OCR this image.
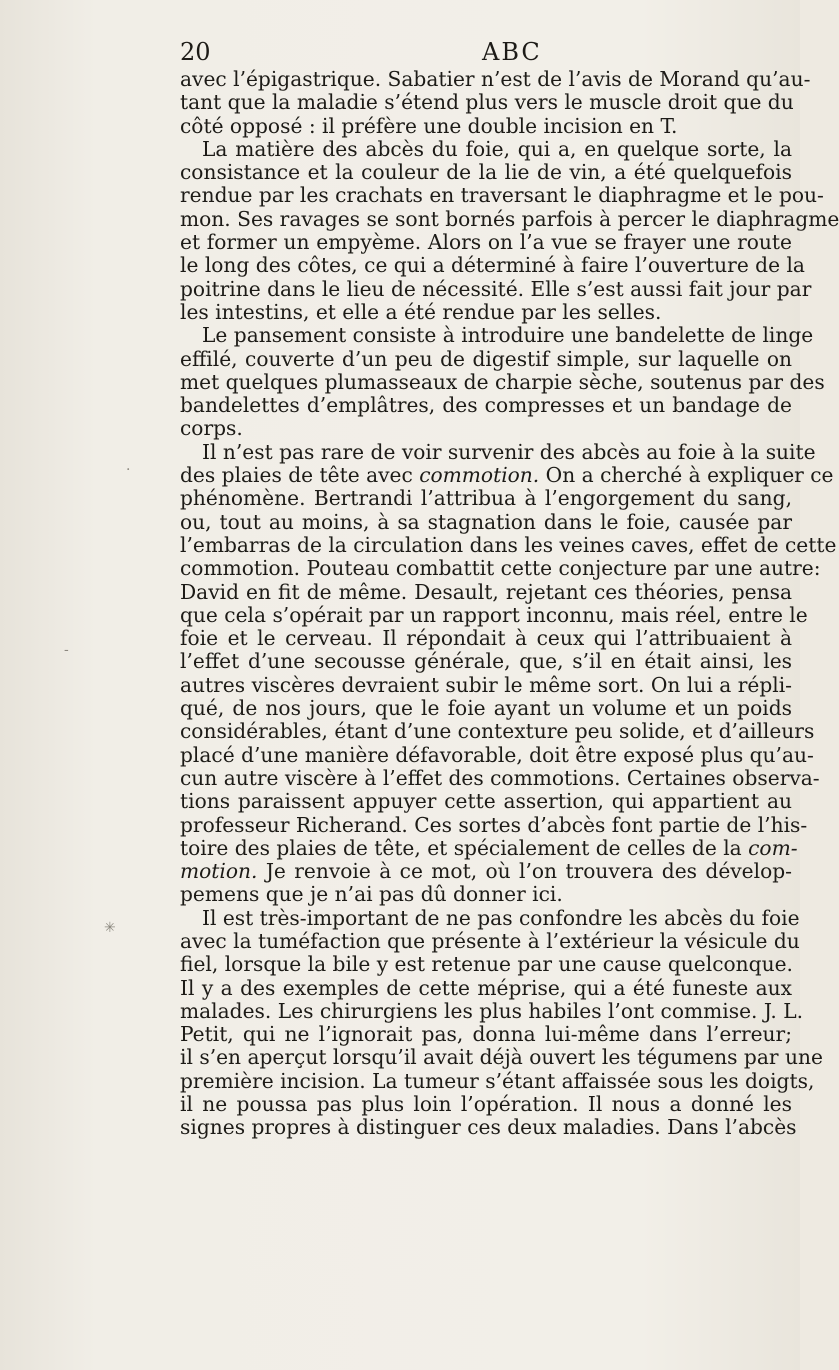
20	ABC
avec l’épigastrique. Sabatier n’est de l’avis de Morand qu’au-
tant que la maladie s’étend plus vers le muscle droit que du
côté opposé : il préfère une double incision en T.
La matière des abcès du foie, qui a, en quelque sorte, la
consistance et la couleur de la lie de vin, a été quelquefois
rendue par les crachats en traversant le diaphragme et le pou-
mon. Ses ravages se sont bornés parfois à percer le diaphragme
et former un empyème. Alors on l’a vue se frayer une route
le long des côtes, ce qui a déterminé à faire l’ouverture de la
poitrine dans le lieu de nécessité. Elle s’est aussi fait jour par
les intestins, et elle a été rendue par les selles.
Le pansement consiste à introduire une bandelette de linge
effilé, couverte d’un peu de digestif simple, sur laquelle on
met quelques plumasseaux de charpie sèche, soutenus par des
bandelettes d’emplâtres, des compresses et un bandage de
corps.
Il n’est pas rare de voir survenir des abcès au foie à la suite
des plaies de tête avec commotion. On a cherché à expliquer ce
phénomène. Bertrandi l’attribua à l’engorgement du sang,
ou, tout au moins, à sa stagnation dans le foie, causée par
l’embarras de la circulation dans les veines caves, effet de cette
commotion. Pouteau combattit cette conjecture par une autre:
David en fit de même. Desault, rejetant ces théories, pensa
que cela s’opérait par un rapport inconnu, mais réel, entre le
foie et le cerveau. Il répondait à ceux qui l’attribuaient à
l’effet d’une secousse générale, que, s’il en était ainsi, les
autres viscères devraient subir le même sort. On lui a répli-
qué, de nos jours, que le foie ayant un volume et un poids
considérables, étant d’une contexture peu solide, et d’ailleurs
placé d’une manière défavorable, doit être exposé plus qu’au-
cun autre viscère à l’effet des commotions. Certaines observa-
tions paraissent appuyer cette assertion, qui appartient au
professeur Richerand. Ces sortes d’abcès font partie de l’his-
toire des plaies de tête, et spécialement de celles de la com-
motion. Je renvoie à ce mot, où l’on trouvera des dévelop-
pemens que je n’ai pas dû donner ici.
Il est très-important de ne pas confondre les abcès du foie
avec la tuméfaction que présente à l’extérieur la vésicule du
fiel, lorsque la bile y est retenue par une cause quelconque.
Il y a des exemples de cette méprise, qui a été funeste aux
malades. Les chirurgiens les plus habiles l’ont commise. J. L.
Petit, qui ne l’ignorait pas, donna lui-même dans l’erreur;
il s’en aperçut lorsqu’il avait déjà ouvert les tégumens par une
première incision. La tumeur s’étant affaissée sous les doigts,
il ne poussa pas plus loin l’opération. Il nous a donné les
signes propres à distinguer ces deux maladies. Dans l’abcès
·
-
✳
